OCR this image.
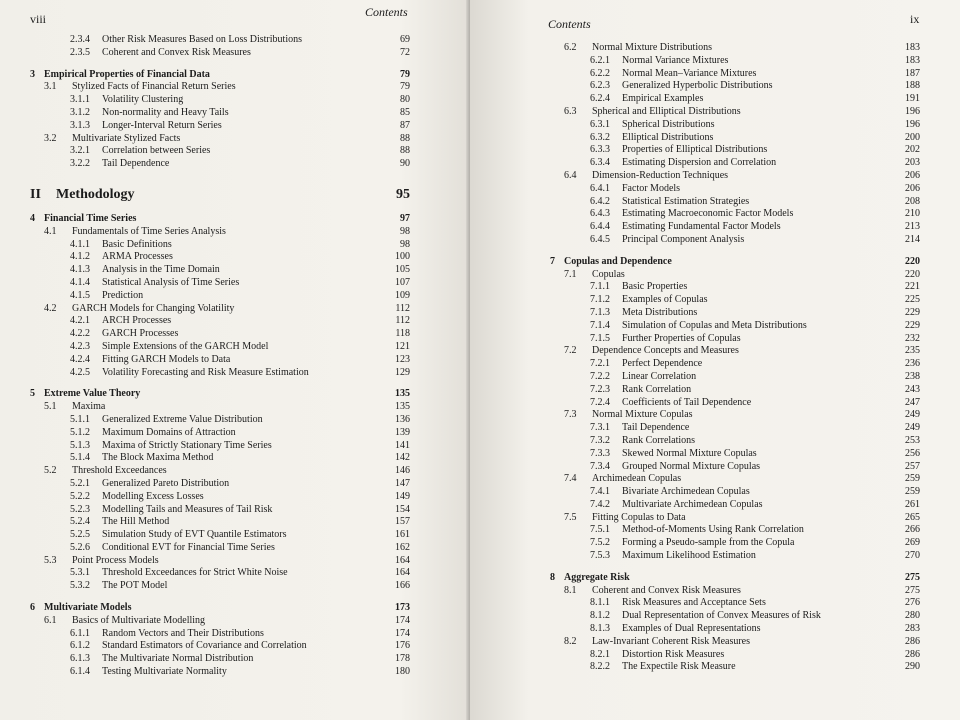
viii	Contents
2.3.4 Other Risk Measures Based on Loss Distributions	69
2.3.5 Coherent and Convex Risk Measures	72
3 Empirical Properties of Financial Data	79
3.1 Stylized Facts of Financial Return Series	79
3.1.1 Volatility Clustering	80
3.1.2 Non-normality and Heavy Tails	85
3.1.3 Longer-Interval Return Series	87
3.2 Multivariate Stylized Facts	88
3.2.1 Correlation between Series	88
3.2.2 Tail Dependence	90
II Methodology	95
4 Financial Time Series	97
4.1 Fundamentals of Time Series Analysis	98
4.1.1 Basic Definitions	98
4.1.2 ARMA Processes	100
4.1.3 Analysis in the Time Domain	105
4.1.4 Statistical Analysis of Time Series	107
4.1.5 Prediction	109
4.2 GARCH Models for Changing Volatility	112
4.2.1 ARCH Processes	112
4.2.2 GARCH Processes	118
4.2.3 Simple Extensions of the GARCH Model	121
4.2.4 Fitting GARCH Models to Data	123
4.2.5 Volatility Forecasting and Risk Measure Estimation	129
5 Extreme Value Theory	135
5.1 Maxima	135
5.1.1 Generalized Extreme Value Distribution	136
5.1.2 Maximum Domains of Attraction	139
5.1.3 Maxima of Strictly Stationary Time Series	141
5.1.4 The Block Maxima Method	142
5.2 Threshold Exceedances	146
5.2.1 Generalized Pareto Distribution	147
5.2.2 Modelling Excess Losses	149
5.2.3 Modelling Tails and Measures of Tail Risk	154
5.2.4 The Hill Method	157
5.2.5 Simulation Study of EVT Quantile Estimators	161
5.2.6 Conditional EVT for Financial Time Series	162
5.3 Point Process Models	164
5.3.1 Threshold Exceedances for Strict White Noise	164
5.3.2 The POT Model	166
6 Multivariate Models	173
6.1 Basics of Multivariate Modelling	174
6.1.1 Random Vectors and Their Distributions	174
6.1.2 Standard Estimators of Covariance and Correlation	176
6.1.3 The Multivariate Normal Distribution	178
6.1.4 Testing Multivariate Normality	180
Contents	ix
6.2 Normal Mixture Distributions	183
6.2.1 Normal Variance Mixtures	183
6.2.2 Normal Mean–Variance Mixtures	187
6.2.3 Generalized Hyperbolic Distributions	188
6.2.4 Empirical Examples	191
6.3 Spherical and Elliptical Distributions	196
6.3.1 Spherical Distributions	196
6.3.2 Elliptical Distributions	200
6.3.3 Properties of Elliptical Distributions	202
6.3.4 Estimating Dispersion and Correlation	203
6.4 Dimension-Reduction Techniques	206
6.4.1 Factor Models	206
6.4.2 Statistical Estimation Strategies	208
6.4.3 Estimating Macroeconomic Factor Models	210
6.4.4 Estimating Fundamental Factor Models	213
6.4.5 Principal Component Analysis	214
7 Copulas and Dependence	220
7.1 Copulas	220
7.1.1 Basic Properties	221
7.1.2 Examples of Copulas	225
7.1.3 Meta Distributions	229
7.1.4 Simulation of Copulas and Meta Distributions	229
7.1.5 Further Properties of Copulas	232
7.2 Dependence Concepts and Measures	235
7.2.1 Perfect Dependence	236
7.2.2 Linear Correlation	238
7.2.3 Rank Correlation	243
7.2.4 Coefficients of Tail Dependence	247
7.3 Normal Mixture Copulas	249
7.3.1 Tail Dependence	249
7.3.2 Rank Correlations	253
7.3.3 Skewed Normal Mixture Copulas	256
7.3.4 Grouped Normal Mixture Copulas	257
7.4 Archimedean Copulas	259
7.4.1 Bivariate Archimedean Copulas	259
7.4.2 Multivariate Archimedean Copulas	261
7.5 Fitting Copulas to Data	265
7.5.1 Method-of-Moments Using Rank Correlation	266
7.5.2 Forming a Pseudo-sample from the Copula	269
7.5.3 Maximum Likelihood Estimation	270
8 Aggregate Risk	275
8.1 Coherent and Convex Risk Measures	275
8.1.1 Risk Measures and Acceptance Sets	276
8.1.2 Dual Representation of Convex Measures of Risk	280
8.1.3 Examples of Dual Representations	283
8.2 Law-Invariant Coherent Risk Measures	286
8.2.1 Distortion Risk Measures	286
8.2.2 The Expectile Risk Measure	290
